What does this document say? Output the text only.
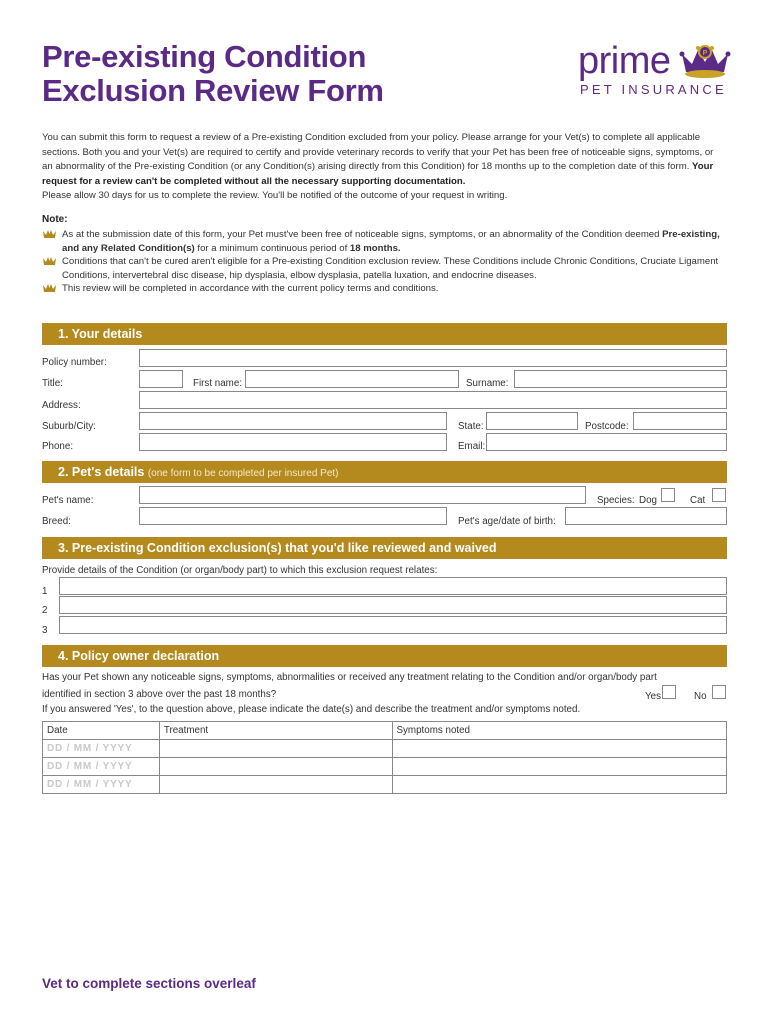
Pre-existing Condition
Exclusion Review Form
prime	P
PET INSURANCE
You can submit this form to request a review of a Pre-existing Condition excluded from your policy. Please arrange for your Vet(s) to complete all applicable sections. Both you and your Vet(s) are required to certify and provide veterinary records to verify that your Pet has been free of noticeable signs, symptoms, or an abnormality of the Pre-existing Condition (or any Condition(s) arising directly from this Condition) for 18 months up to the completion date of this form. Your request for a review can't be completed without all the necessary supporting documentation.
Please allow 30 days for us to complete the review. You'll be notified of the outcome of your request in writing.
Note:
As at the submission date of this form, your Pet must've been free of noticeable signs, symptoms, or an abnormality of the Condition deemed Pre-existing, and any Related Condition(s) for a minimum continuous period of 18 months.
Conditions that can't be cured aren't eligible for a Pre-existing Condition exclusion review. These Conditions include Chronic Conditions, Cruciate Ligament Conditions, intervertebral disc disease, hip dysplasia, elbow dysplasia, patella luxation, and endocrine diseases.
This review will be completed in accordance with the current policy terms and conditions.
1. Your details
Policy number:
Title:	First name:	Surname:
Address:
Suburb/City:	State:	Postcode:
Phone:	Email:
2. Pet's details (one form to be completed per insured Pet)
Pet's name:	Species: Dog	Cat
Breed:	Pet's age/date of birth:
3. Pre-existing Condition exclusion(s) that you'd like reviewed and waived
Provide details of the Condition (or organ/body part) to which this exclusion request relates:
1
2
3
4. Policy owner declaration
Has your Pet shown any noticeable signs, symptoms, abnormalities or received any treatment relating to the Condition and/or organ/body part
identified in section 3 above over the past 18 months?	Yes	No
If you answered 'Yes', to the question above, please indicate the date(s) and describe the treatment and/or symptoms noted.
Date	Treatment	Symptoms noted
DD / MM / YYYY		
DD / MM / YYYY		
DD / MM / YYYY		
Vet to complete sections overleaf
